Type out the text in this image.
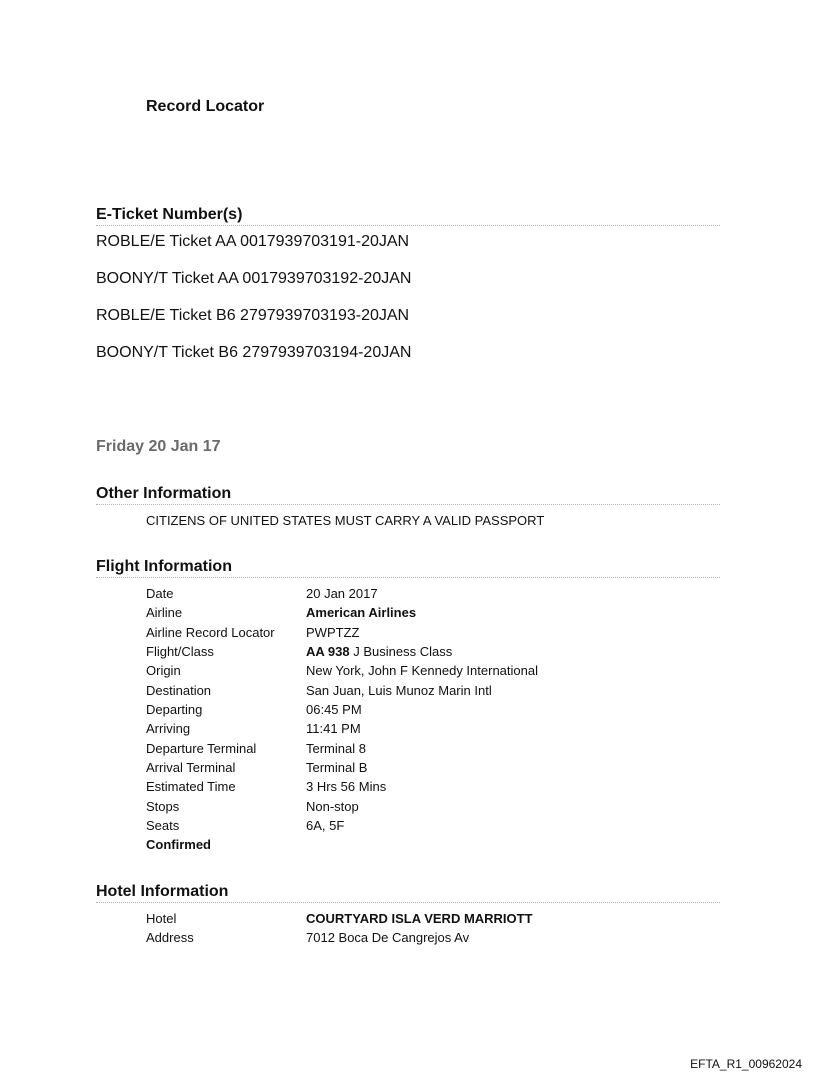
Record Locator
E-Ticket Number(s)
ROBLE/E Ticket AA 0017939703191-20JAN
BOONY/T Ticket AA 0017939703192-20JAN
ROBLE/E Ticket B6 2797939703193-20JAN
BOONY/T Ticket B6 2797939703194-20JAN
Friday 20 Jan 17
Other Information
CITIZENS OF UNITED STATES MUST CARRY A VALID PASSPORT
Flight Information
Date	20 Jan 2017
Airline	American Airlines
Airline Record Locator	PWPTZZ
Flight/Class	AA 938 J Business Class
Origin	New York, John F Kennedy International
Destination	San Juan, Luis Munoz Marin Intl
Departing	06:45 PM
Arriving	11:41 PM
Departure Terminal	Terminal 8
Arrival Terminal	Terminal B
Estimated Time	3 Hrs 56 Mins
Stops	Non-stop
Seats	6A, 5F
Confirmed
Hotel Information
Hotel	COURTYARD ISLA VERD MARRIOTT
Address	7012 Boca De Cangrejos Av
EFTA_R1_00962024
